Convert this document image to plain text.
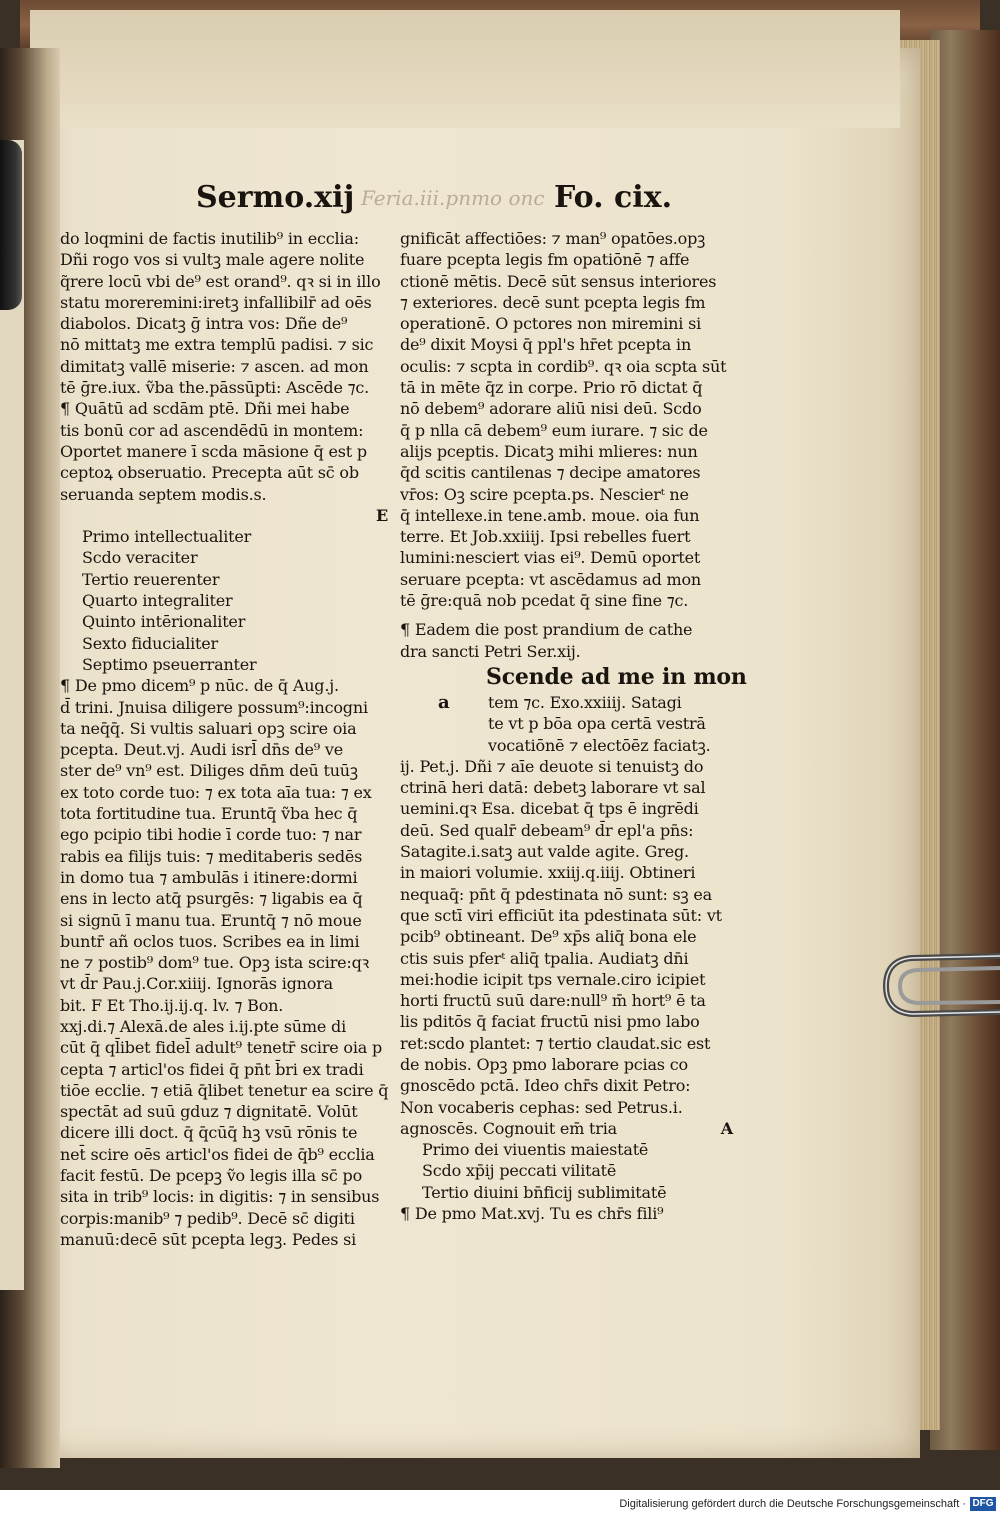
Sermo.xij Feria.iii.pnmo onc Fo. cix.
do loqmini de factis inutilib⁹ in ecclia:
Dñi rogo vos si vultꝫ male agere nolite
q̃rere locū vbi de⁹ est orand⁹. qꝛ si in illo
statu moreremini:iretꝫ infallibilr̄ ad oēs
diabolos. Dicatꝫ ḡ intra vos: Dñe de⁹
nō mittatꝫ me extra templū padisi. ⁊ sic
dimitatꝫ vallē miserie: ⁊ ascen. ad mon
tē ḡre.iux. ṽba the.pāssūpti: Ascēde ⁊c.
¶ Quātū ad scdām ptē. Dñi mei habe
tis bonū cor ad ascendēdū in montem:
Oportet manere ī scda māsione q̄ est p
ceptoꝝ obseruatio. Precepta aūt sc̄ ob
seruanda septem modis.s.
E
Primo intellectualiter
Scdo veraciter
Tertio reuerenter
Quarto integraliter
Quinto intērionaliter
Sexto fiducialiter
Septimo pseuerranter
¶ De pmo dicem⁹ p nūc. de q̄ Aug.j.
d̄ trini. Jnuisa diligere possum⁹:incogni
ta neq̄q̄. Si vultis saluari opꝫ scire oia
pcepta. Deut.vj. Audi isrl̄ dn̄s de⁹ ve
ster de⁹ vn⁹ est. Diliges dn̄m deū tuūꝫ
ex toto corde tuo: ⁊ ex tota aīa tua: ⁊ ex
tota fortitudine tua. Eruntq̄ ṽba hec q̄
ego pcipio tibi hodie ī corde tuo: ⁊ nar
rabis ea filijs tuis: ⁊ meditaberis sedēs
in domo tua ⁊ ambulās i itinere:dormi
ens in lecto atq̄ psurgēs: ⁊ ligabis ea q̄
si signū ī manu tua. Eruntq̄ ⁊ nō moue
buntr̄ añ oclos tuos. Scribes ea in limi
ne ⁊ postib⁹ dom⁹ tue. Opꝫ ista scire:qꝛ
vt d̄r Pau.j.Cor.xiiij. Ignorās ignora
bit. F Et Tho.ij.ij.q. lv. ⁊ Bon.
xxj.di.⁊ Alexā.de ales i.ij.pte sūme di
cūt q̄ ql̄ibet fidel̄ adult⁹ tenetr̄ scire oia p
cepta ⁊ articl'os fidei q̄ pn̄t b̄ri ex tradi
tiōe ecclie. ⁊ etiā q̄libet tenetur ea scire q̄
spectāt ad suū gduz ⁊ dignitatē. Volūt
dicere illi doct. q̄ q̄cūq̄ hꝫ vsū rōnis te
net̄ scire oēs articl'os fidei de q̄b⁹ ecclia
facit festū. De pcepꝫ ṽo legis illa sc̄ po
sita in trib⁹ locis: in digitis: ⁊ in sensibus
corpis:manib⁹ ⁊ pedib⁹. Decē sc̄ digiti
manuū:decē sūt pcepta legꝫ. Pedes si
gnificāt affectiōes: ⁊ man⁹ opatōes.opꝫ
fuare pcepta legis fm opatiōnē ⁊ affe
ctionē mētis. Decē sūt sensus interiores
⁊ exteriores. decē sunt pcepta legis fm
operationē. O pctores non miremini si
de⁹ dixit Moysi q̄ ppl's hr̄et pcepta in
oculis: ⁊ scpta in cordib⁹. qꝛ oia scpta sūt
tā in mēte q̄z in corpe. Prio rō dictat q̄
nō debem⁹ adorare aliū nisi deū. Scdo
q̄ p nlla cā debem⁹ eum iurare. ⁊ sic de
alijs pceptis. Dicatꝫ mihi mlieres: nun
q̄d scitis cantilenas ⁊ decipe amatores
vr̄os: Oꝫ scire pcepta.ps. Nescierᵗ ne
q̄ intellexe.in tene.amb. moue. oia fun
terre. Et Job.xxiiij. Ipsi rebelles fuert
lumini:nesciert vias ei⁹. Demū oportet
seruare pcepta: vt ascēdamus ad mon
tē ḡre:quā nob pcedat q̄ sine fine ⁊c.
¶ Eadem die post prandium de cathe
dra sancti Petri Ser.xij.
Scende ad me in mon
a tem ⁊c. Exo.xxiiij. Satagi
te vt p bōa opa certā vestrā
vocatiōnē ⁊ electōēz faciatꝫ.
ij. Pet.j. Dñi ⁊ aīe deuote si tenuistꝫ do
ctrinā heri datā: debetꝫ laborare vt sal
uemini.qꝛ Esa. dicebat q̄ tps ē ingrēdi
deū. Sed qualr̄ debeam⁹ d̄r epl'a pn̄s:
Satagite.i.satꝫ aut valde agite. Greg.
in maiori volumie. xxiij.q.iiij. Obtineri
nequaq̄: pn̄t q̄ pdestinata nō sunt: sꝫ ea
que sctī viri efficiūt ita pdestinata sūt: vt
pcib⁹ obtineant. De⁹ xp̄s aliq̄ bona ele
ctis suis pferᵗ aliq̄ tpalia. Audiatꝫ dn̄i
mei:hodie icipit tps vernale.ciro icipiet
horti fructū suū dare:null⁹ m̄ hort⁹ ē ta
lis pditōs q̄ faciat fructū nisi pmo labo
ret:scdo plantet: ⁊ tertio claudat.sic est
de nobis. Opꝫ pmo laborare pcias co
gnoscēdo pctā. Ideo chr̄s dixit Petro:
Non vocaberis cephas: sed Petrus.i.
agnoscēs. Cognouit em̄ tria	A
Primo dei viuentis maiestatē
Scdo xp̄ij peccati vilitatē
Tertio diuini bn̄ficij sublimitatē
¶ De pmo Mat.xvj. Tu es chr̄s fili⁹
Digitalisierung gefördert durch die Deutsche Forschungsgemeinschaft · DFG
